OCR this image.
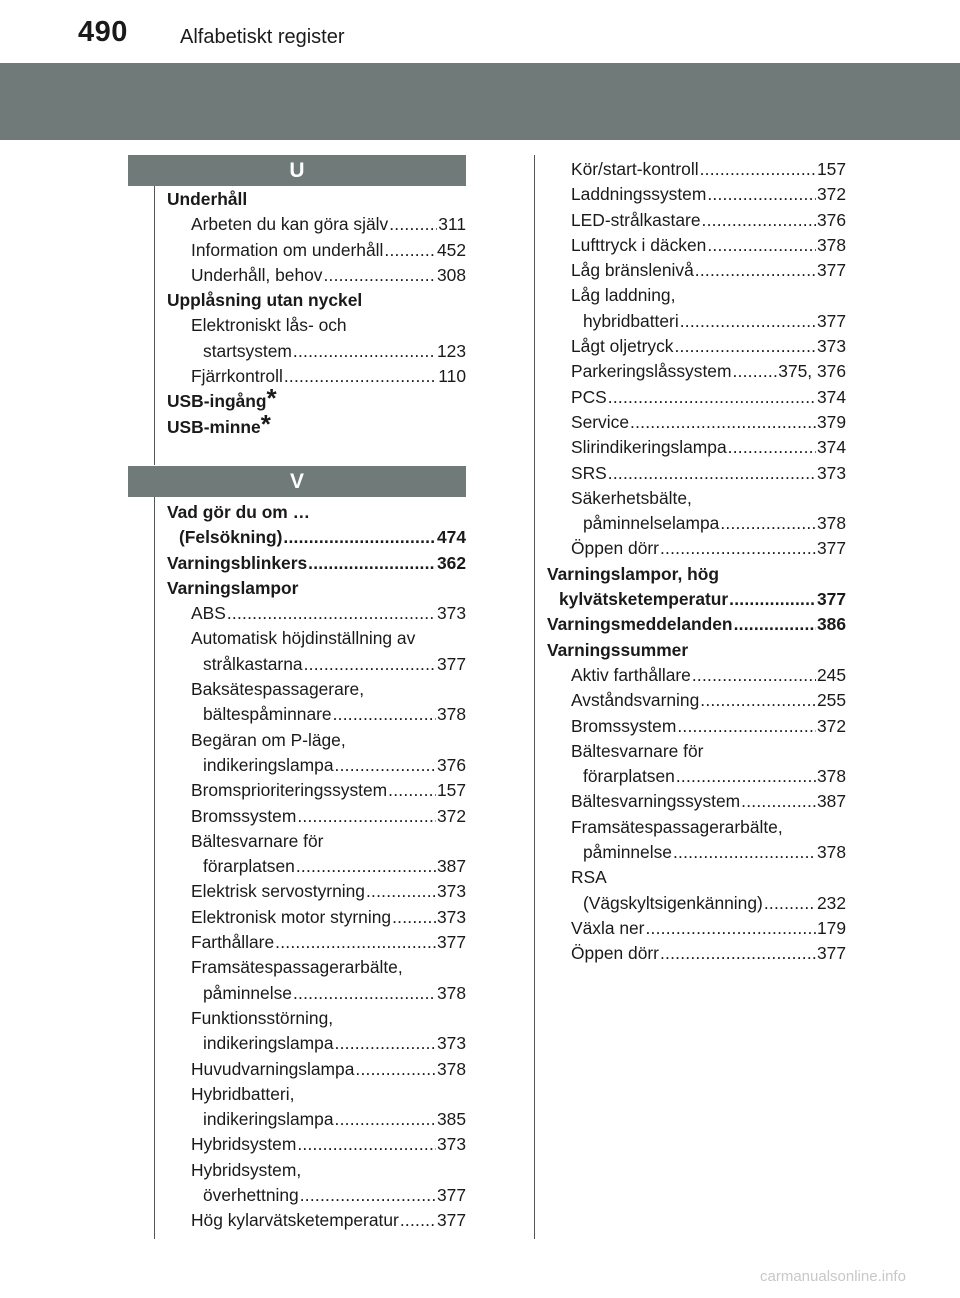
490	Alfabetiskt register
U
V
Underhåll
Arbeten du kan göra själv . . .	311
Information om underhåll . . .	452
Underhåll, behov . . .	308
Upplåsning utan nyckel
Elektroniskt lås- och
startsystem . . .	123
Fjärrkontroll . . .	110
USB-ingång *
USB-minne *
Vad gör du om …
(Felsökning) . . .	474
Varningsblinkers . . .	362
Varningslampor
ABS . . .	373
Automatisk höjdinställning av
strålkastarna . . .	377
Baksätespassagerare,
bältespåminnare . . .	378
Begäran om P-läge,
indikeringslampa . . .	376
Bromsprioriteringssystem . . .	157
Bromssystem . . .	372
Bältesvarnare för
förarplatsen . . .	387
Elektrisk servostyrning . . .	373
Elektronisk motor styrning . . .	373
Farthållare . . .	377
Framsätespassagerarbälte,
påminnelse . . .	378
Funktionsstörning,
indikeringslampa . . .	373
Huvudvarningslampa . . .	378
Hybridbatteri,
indikeringslampa . . .	385
Hybridsystem . . .	373
Hybridsystem,
överhettning . . .	377
Hög kylarvätsketemperatur . . . 377
Kör/start-kontroll . . .	157
Laddningssystem . . .	372
LED-strålkastare . . .	376
Lufttryck i däcken . . .	378
Låg bränslenivå . . .	377
Låg laddning,
hybridbatteri . . .	377
Lågt oljetryck . . .	373
Parkeringslåssystem . . .	375, 376
PCS . . .	374
Service . . .	379
Slirindikeringslampa . . .	374
SRS . . .	373
Säkerhetsbälte,
påminnelselampa . . .	378
Öppen dörr . . .	377
Varningslampor, hög
kylvätsketemperatur . . .	377
Varningsmeddelanden . . .	386
Varningssummer
Aktiv farthållare . . .	245
Avståndsvarning . . .	255
Bromssystem . . .	372
Bältesvarnare för
förarplatsen . . .	378
Bältesvarningssystem . . .	387
Framsätespassagerarbälte,
påminnelse . . .	378
RSA
(Vägskyltsigenkänning) . . .	232
Växla ner . . .	179
Öppen dörr . . .	377
carmanualsonline.info
